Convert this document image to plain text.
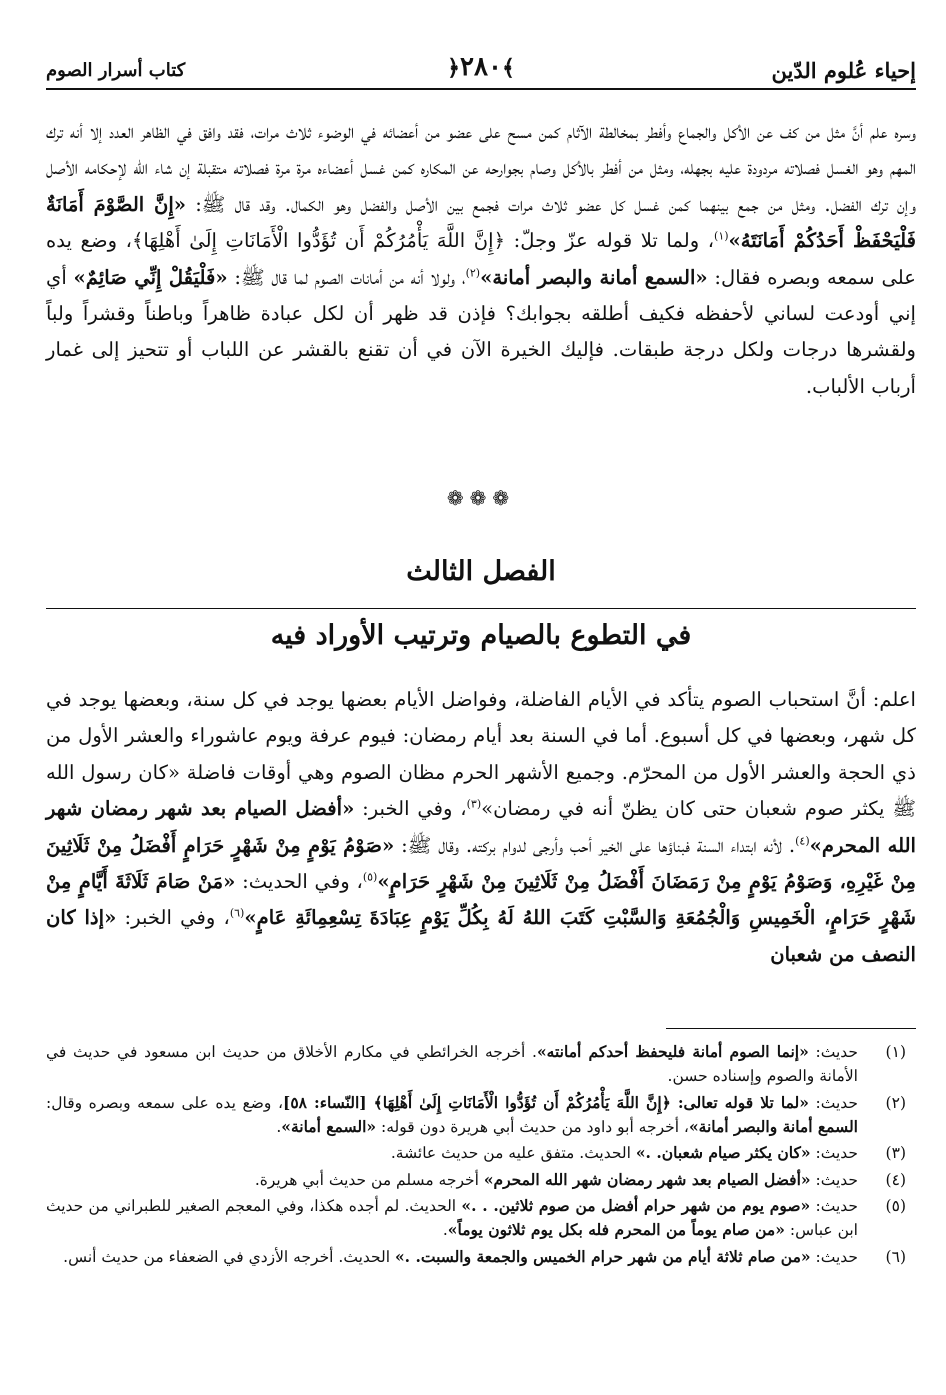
إحياء عُلوم الدّين
﴾٢٨٠﴿
كتاب أسرار الصوم

وسره علم أنَّ مثل من كف عن الأكل والجماع وأفطر بمخالطة الآثام كمن مسح على عضو من أعضائه في الوضوء ثلاث مرات، فقد وافق في الظاهر العدد إلا أنه ترك المهم وهو الغسل فصلاته مردودة عليه بجهله، ومثل من أفطر بالأكل وصام بجوارحه عن المكاره كمن غسل أعضاءه مرة مرة فصلاته متقبلة إن شاء الله لإحكامه الأصل وإن ترك الفضل. ومثل من جمع بينهما كمن غسل كل عضو ثلاث مرات فجمع بين الأصل والفضل وهو الكمال. وقد قال ﷺ: «إِنَّ الصَّوْمَ أَمَانَةٌ فَلْيَحْفَظْ أَحَدُكُمْ أَمَانَتَهُ»$^{(١)}$، ولما تلا قوله عزّ وجلّ: ﴿إِنَّ اللَّهَ يَأْمُرُكُمْ أَن تُؤَدُّوا الْأَمَانَاتِ إِلَىٰ أَهْلِهَا﴾، وضع يده على سمعه وبصره فقال: «السمع أمانة والبصر أمانة»$^{(٢)}$، ولولا أنه من أمانات الصوم لما قال ﷺ: «فَلْيَقُلْ إِنِّي صَائِمٌ» أي إني أودعت لساني لأحفظه فكيف أطلقه بجوابك؟ فإذن قد ظهر أن لكل عبادة ظاهراً وباطناً وقشراً ولباً ولقشرها درجات ولكل درجة طبقات. فإليك الخيرة الآن في أن تقنع بالقشر عن اللباب أو تتحيز إلى غمار أرباب الألباب.

❁❁❁
الفصل الثالث
في التطوع بالصيام وترتيب الأوراد فيه

اعلم: أنَّ استحباب الصوم يتأكد في الأيام الفاضلة، وفواضل الأيام بعضها يوجد في كل سنة، وبعضها يوجد في كل شهر، وبعضها في كل أسبوع. أما في السنة بعد أيام رمضان: فيوم عرفة ويوم عاشوراء والعشر الأول من ذي الحجة والعشر الأول من المحرّم. وجميع الأشهر الحرم مظان الصوم وهي أوقات فاضلة «كان رسول الله ﷺ يكثر صوم شعبان حتى كان يظنّ أنه في رمضان»$^{(٣)}$، وفي الخبر: «أفضل الصيام بعد شهر رمضان شهر الله المحرم»$^{(٤)}$. لأنه ابتداء السنة فبناؤها على الخير أحب وأرجى لدوام بركته. وقال ﷺ: «صَوْمُ يَوْمٍ مِنْ شَهْرٍ حَرَامٍ أَفْضَلُ مِنْ ثَلَاثِينَ مِنْ غَيْرِهِ، وَصَوْمُ يَوْمٍ مِنْ رَمَضَانَ أَفْضَلُ مِنْ ثَلَاثِينَ مِنْ شَهْرٍ حَرَامٍ»$^{(٥)}$، وفي الحديث: «مَنْ صَامَ ثَلَاثَةَ أَيَّامٍ مِنْ شَهْرٍ حَرَامٍ، الْخَمِيسِ وَالْجُمُعَةِ وَالسَّبْتِ كَتَبَ اللهُ لَهُ بِكُلِّ يَوْمٍ عِبَادَةَ تِسْعِمِائَةِ عَامٍ»$^{(٦)}$، وفي الخبر: «إذا كان النصف من شعبان

(١)
حديث: «إنما الصوم أمانة فليحفظ أحدكم أمانته». أخرجه الخرائطي في مكارم الأخلاق من حديث ابن مسعود في حديث في الأمانة والصوم وإسناده حسن.
(٢)
حديث: «لما تلا قوله تعالى: ﴿إِنَّ اللَّهَ يَأْمُرُكُمْ أَن تُؤَدُّوا الْأَمَانَاتِ إِلَىٰ أَهْلِهَا﴾ [النّساء: ٥٨]، وضع يده على سمعه وبصره وقال: السمع أمانة والبصر أمانة»، أخرجه أبو داود من حديث أبي هريرة دون قوله: «السمع أمانة».
(٣)
حديث: «كان يكثر صيام شعبان. .» الحديث. متفق عليه من حديث عائشة.
(٤)
حديث: «أفضل الصيام بعد شهر رمضان شهر الله المحرم» أخرجه مسلم من حديث أبي هريرة.
(٥)
حديث: «صوم يوم من شهر حرام أفضل من صوم ثلاثين. . .» الحديث. لم أجده هكذا، وفي المعجم الصغير للطبراني من حديث ابن عباس: «من صام يوماً من المحرم فله بكل يوم ثلاثون يوماً».
(٦)
حديث: «من صام ثلاثة أيام من شهر حرام الخميس والجمعة والسبت. .» الحديث. أخرجه الأزدي في الضعفاء من حديث أنس.
